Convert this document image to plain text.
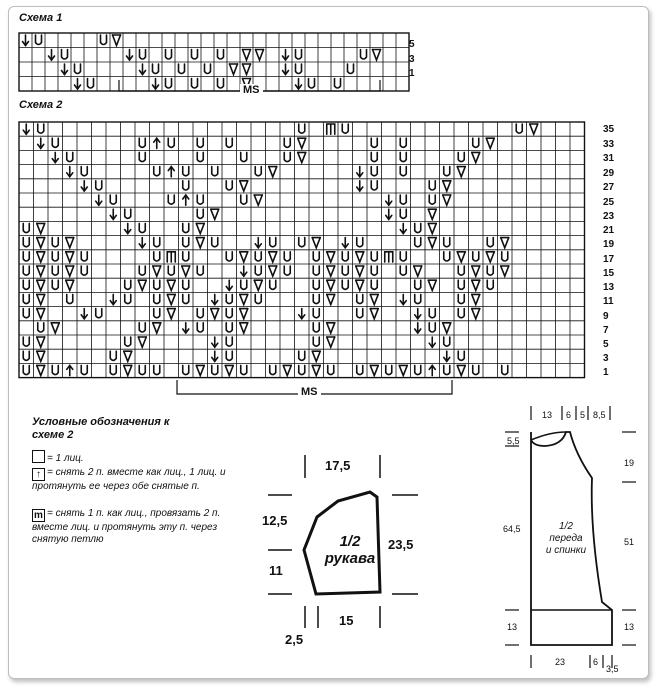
Схема 1
5
3
1
MS
Схема 2
35
33
31
29
27
25
23
21
19
17
15
13
11
9
7
5
3
1
MS
Условные обозначения к схеме 2
= 1 лиц.
↑ = снять 2 п. вместе как лиц., 1 лиц. и протянуть ее через обе снятые п.
m = снять 1 п. как лиц., провязать 2 п. вместе лиц. и протянуть эту п. через снятую петлю
17,5
12,5
11
23,5
15
2,5
1/2
рукава
13 6 5 8,5
5,5
64,5
19
51
13	13
23	6
3,5
1/2
переда
и спинки
